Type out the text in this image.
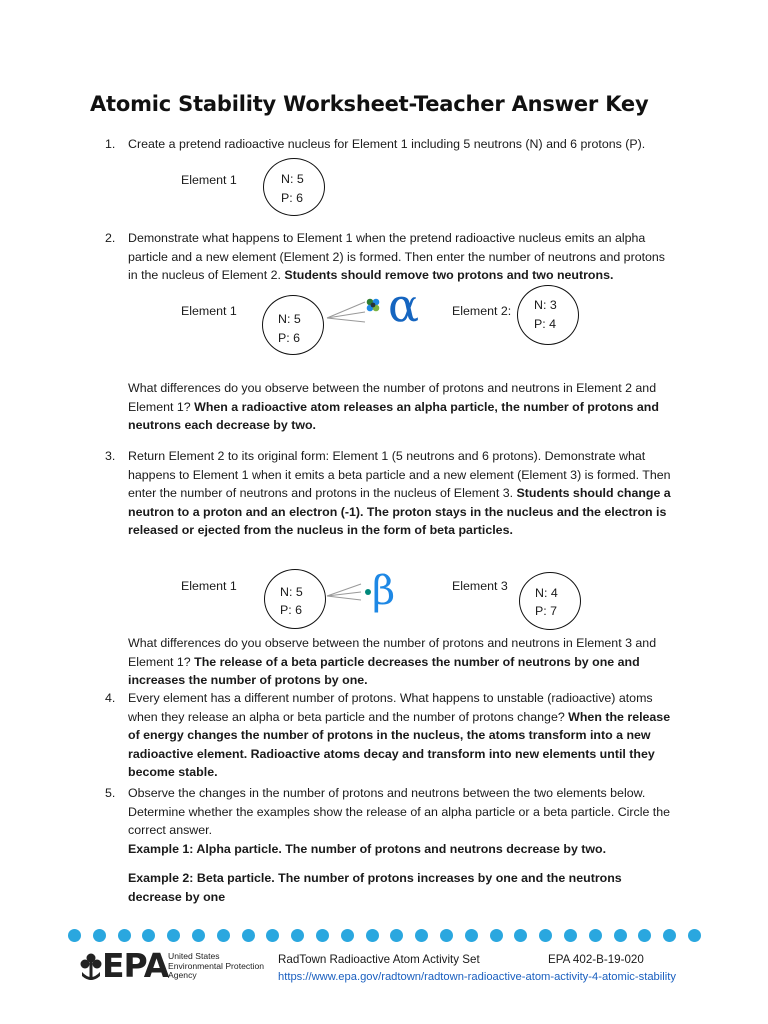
Atomic Stability Worksheet-Teacher Answer Key
1. Create a pretend radioactive nucleus for Element 1 including 5 neutrons (N) and 6 protons (P).
Element 1	N: 5
P: 6
2. Demonstrate what happens to Element 1 when the pretend radioactive nucleus emits an alpha particle and a new element (Element 2) is formed. Then enter the number of neutrons and protons in the nucleus of Element 2. Students should remove two protons and two neutrons.
Element 1
N: 5
P: 6
α	Element 2: N: 3
P: 4
What differences do you observe between the number of protons and neutrons in Element 2 and Element 1? When a radioactive atom releases an alpha particle, the number of protons and neutrons each decrease by two.
3. Return Element 2 to its original form: Element 1 (5 neutrons and 6 protons). Demonstrate what happens to Element 1 when it emits a beta particle and a new element (Element 3) is formed. Then enter the number of neutrons and protons in the nucleus of Element 3. Students should change a neutron to a proton and an electron (-1). The proton stays in the nucleus and the electron is released or ejected from the nucleus in the form of beta particles.
Element 1	N: 5
P: 6 β	Element 3 N: 4
P: 7
What differences do you observe between the number of protons and neutrons in Element 3 and Element 1? The release of a beta particle decreases the number of neutrons by one and increases the number of protons by one.
4. Every element has a different number of protons. What happens to unstable (radioactive) atoms when they release an alpha or beta particle and the number of protons change? When the release of energy changes the number of protons in the nucleus, the atoms transform into a new radioactive element. Radioactive atoms decay and transform into new elements until they become stable.
5. Observe the changes in the number of protons and neutrons between the two elements below. Determine whether the examples show the release of an alpha particle or a beta particle. Circle the correct answer.
Example 1: Alpha particle. The number of protons and neutrons decrease by two.
Example 2: Beta particle. The number of protons increases by one and the neutrons decrease by one
EPA United States
Environmental Protection
Agency
RadTown Radioactive Atom Activity Set	EPA 402-B-19-020
https://www.epa.gov/radtown/radtown-radioactive-atom-activity-4-atomic-stability
